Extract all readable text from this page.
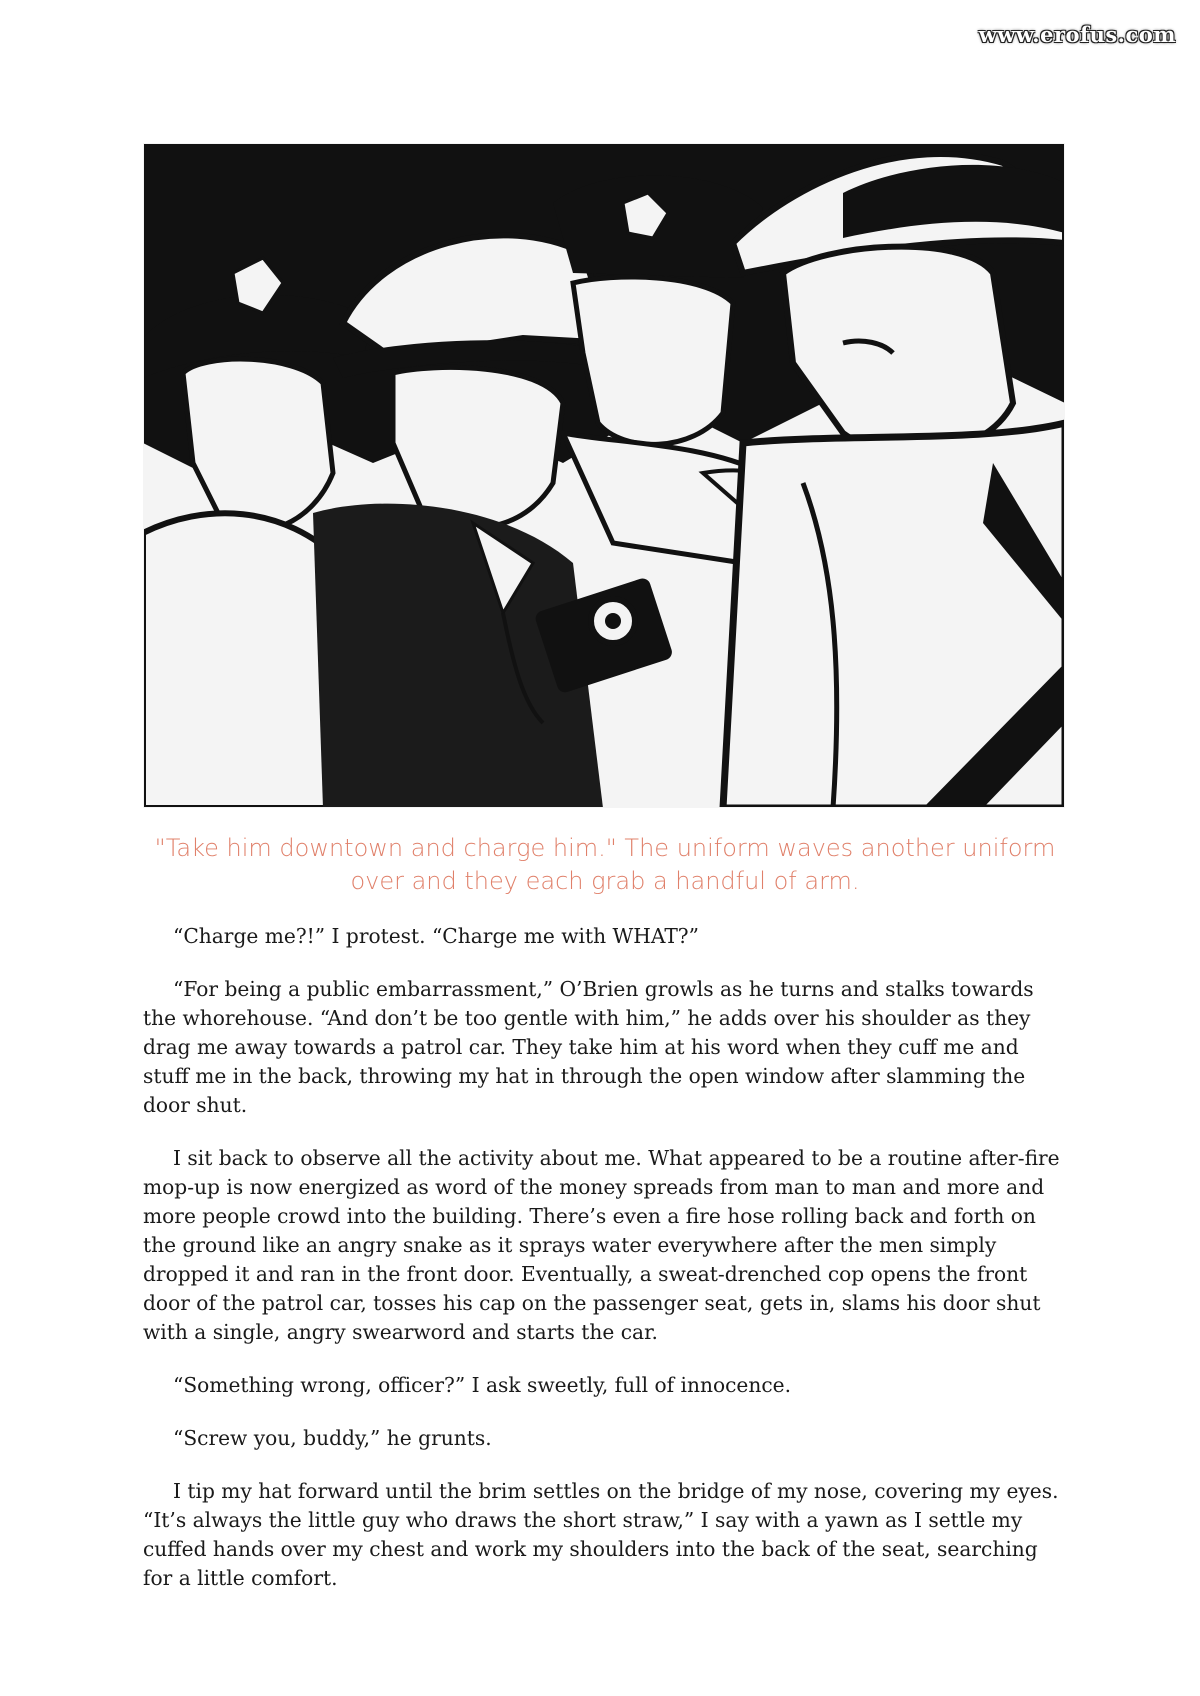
www.erofus.com
"Take him downtown and charge him." The uniform waves another uniform
over and they each grab a handful of arm.

“Charge me?!” I protest. “Charge me with WHAT?”

“For being a public embarrassment,” O’Brien growls as he turns and stalks towards the whorehouse. “And don’t be too gentle with him,” he adds over his shoulder as they drag me away towards a patrol car. They take him at his word when they cuff me and stuff me in the back, throwing my hat in through the open window after slamming the door shut.

I sit back to observe all the activity about me. What appeared to be a routine after-fire mop-up is now energized as word of the money spreads from man to man and more and more people crowd into the building. There’s even a fire hose rolling back and forth on the ground like an angry snake as it sprays water everywhere after the men simply dropped it and ran in the front door. Eventually, a sweat-drenched cop opens the front door of the patrol car, tosses his cap on the passenger seat, gets in, slams his door shut with a single, angry swearword and starts the car.

“Something wrong, officer?” I ask sweetly, full of innocence.

“Screw you, buddy,” he grunts.

I tip my hat forward until the brim settles on the bridge of my nose, covering my eyes. “It’s always the little guy who draws the short straw,” I say with a yawn as I settle my cuffed hands over my chest and work my shoulders into the back of the seat, searching for a little comfort.
